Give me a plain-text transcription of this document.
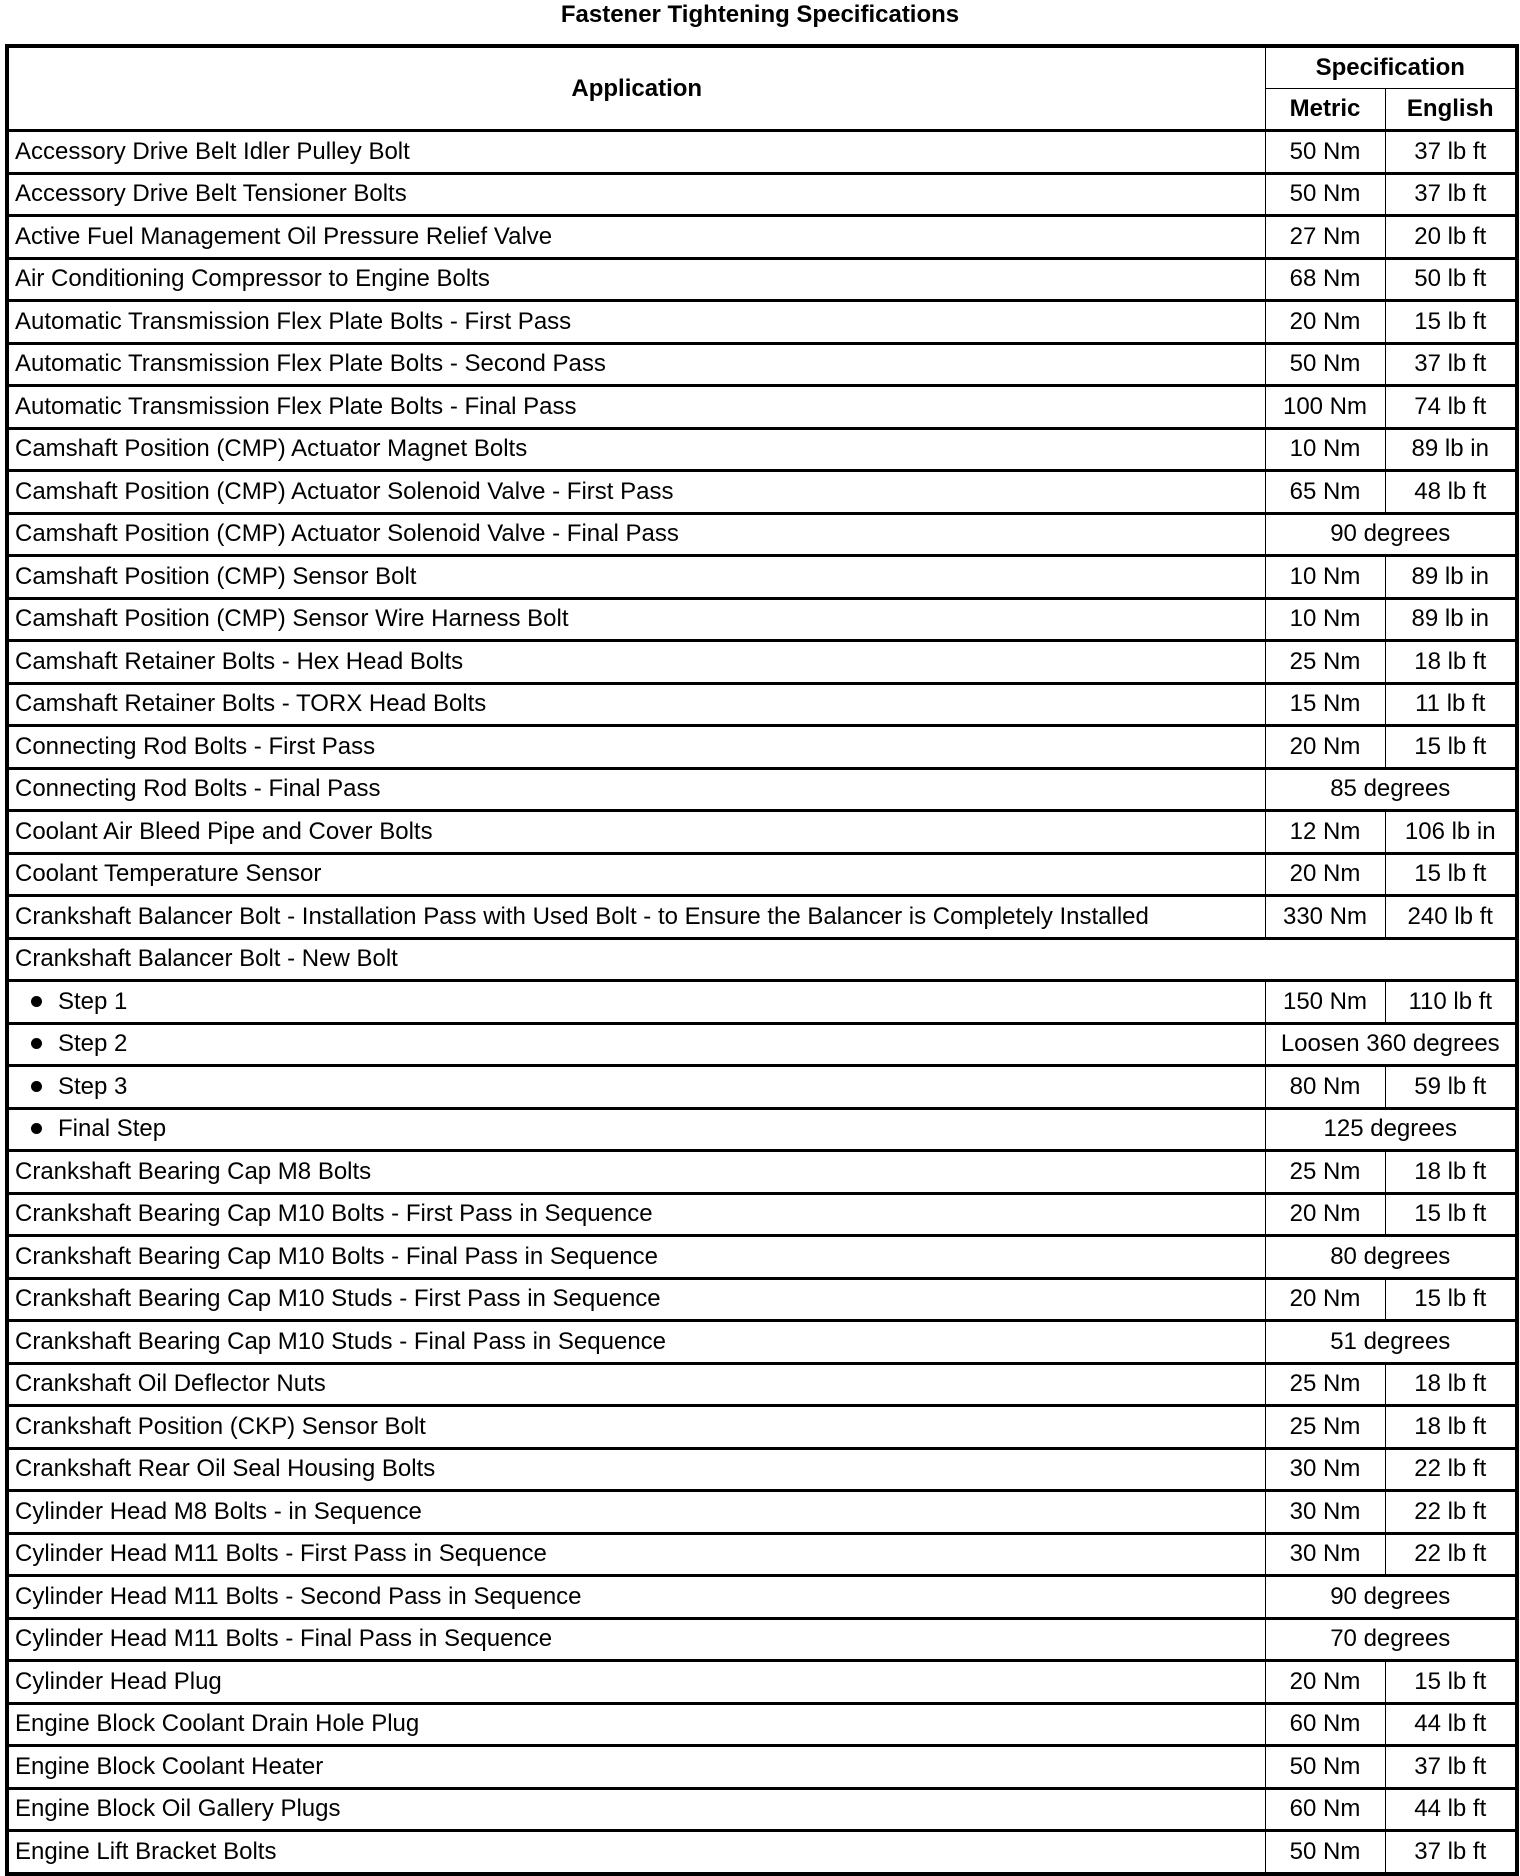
Fastener Tightening Specifications
Application	Specification	
	Metric	English
Accessory Drive Belt Idler Pulley Bolt	50 Nm	37 lb ft
Accessory Drive Belt Tensioner Bolts	50 Nm	37 lb ft
Active Fuel Management Oil Pressure Relief Valve	27 Nm	20 lb ft
Air Conditioning Compressor to Engine Bolts	68 Nm	50 lb ft
Automatic Transmission Flex Plate Bolts - First Pass	20 Nm	15 lb ft
Automatic Transmission Flex Plate Bolts - Second Pass	50 Nm	37 lb ft
Automatic Transmission Flex Plate Bolts - Final Pass	100 Nm	74 lb ft
Camshaft Position (CMP) Actuator Magnet Bolts	10 Nm	89 lb in
Camshaft Position (CMP) Actuator Solenoid Valve - First Pass	65 Nm	48 lb ft
Camshaft Position (CMP) Actuator Solenoid Valve - Final Pass	90 degrees	
Camshaft Position (CMP) Sensor Bolt	10 Nm	89 lb in
Camshaft Position (CMP) Sensor Wire Harness Bolt	10 Nm	89 lb in
Camshaft Retainer Bolts - Hex Head Bolts	25 Nm	18 lb ft
Camshaft Retainer Bolts - TORX Head Bolts	15 Nm	11 lb ft
Connecting Rod Bolts - First Pass	20 Nm	15 lb ft
Connecting Rod Bolts - Final Pass	85 degrees	
Coolant Air Bleed Pipe and Cover Bolts	12 Nm	106 lb in
Coolant Temperature Sensor	20 Nm	15 lb ft
Crankshaft Balancer Bolt - Installation Pass with Used Bolt - to Ensure the Balancer is Completely Installed	330 Nm	240 lb ft
Crankshaft Balancer Bolt - New Bolt		
Step 1	150 Nm	110 lb ft
Step 2	Loosen 360 degrees	
Step 3	80 Nm	59 lb ft
Final Step	125 degrees	
Crankshaft Bearing Cap M8 Bolts	25 Nm	18 lb ft
Crankshaft Bearing Cap M10 Bolts - First Pass in Sequence	20 Nm	15 lb ft
Crankshaft Bearing Cap M10 Bolts - Final Pass in Sequence	80 degrees	
Crankshaft Bearing Cap M10 Studs - First Pass in Sequence	20 Nm	15 lb ft
Crankshaft Bearing Cap M10 Studs - Final Pass in Sequence	51 degrees	
Crankshaft Oil Deflector Nuts	25 Nm	18 lb ft
Crankshaft Position (CKP) Sensor Bolt	25 Nm	18 lb ft
Crankshaft Rear Oil Seal Housing Bolts	30 Nm	22 lb ft
Cylinder Head M8 Bolts - in Sequence	30 Nm	22 lb ft
Cylinder Head M11 Bolts - First Pass in Sequence	30 Nm	22 lb ft
Cylinder Head M11 Bolts - Second Pass in Sequence	90 degrees	
Cylinder Head M11 Bolts - Final Pass in Sequence	70 degrees	
Cylinder Head Plug	20 Nm	15 lb ft
Engine Block Coolant Drain Hole Plug	60 Nm	44 lb ft
Engine Block Coolant Heater	50 Nm	37 lb ft
Engine Block Oil Gallery Plugs	60 Nm	44 lb ft
Engine Lift Bracket Bolts	50 Nm	37 lb ft
